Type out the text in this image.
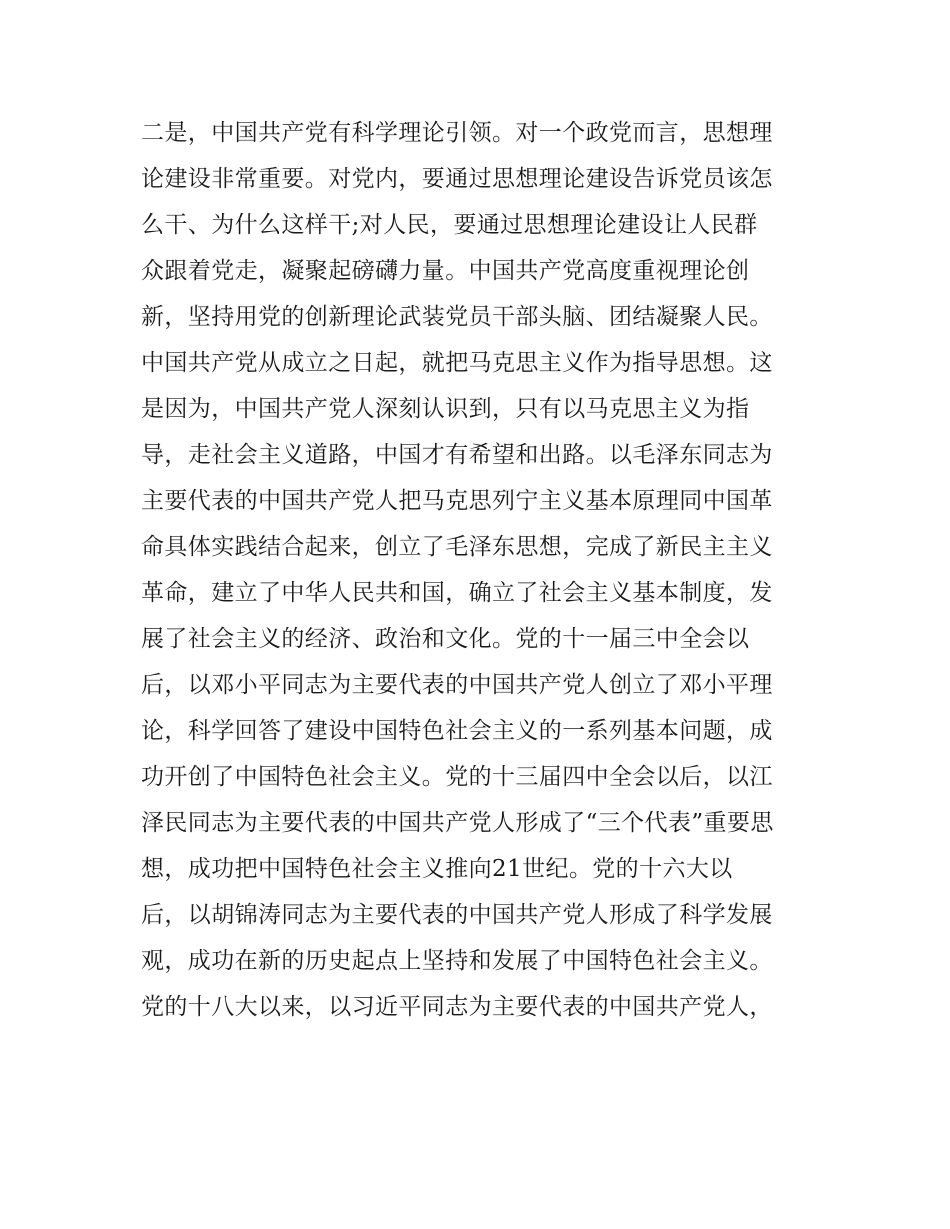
二是，中国共产党有科学理论引领。对一个政党而言，思想理
论建设非常重要。对党内，要通过思想理论建设告诉党员该怎
么干、为什么这样干;对人民，要通过思想理论建设让人民群
众跟着党走，凝聚起磅礴力量。中国共产党高度重视理论创
新，坚持用党的创新理论武装党员干部头脑、团结凝聚人民。
中国共产党从成立之日起，就把马克思主义作为指导思想。这
是因为，中国共产党人深刻认识到，只有以马克思主义为指
导，走社会主义道路，中国才有希望和出路。以毛泽东同志为
主要代表的中国共产党人把马克思列宁主义基本原理同中国革
命具体实践结合起来，创立了毛泽东思想，完成了新民主主义
革命，建立了中华人民共和国，确立了社会主义基本制度，发
展了社会主义的经济、政治和文化。党的十一届三中全会以
后，以邓小平同志为主要代表的中国共产党人创立了邓小平理
论，科学回答了建设中国特色社会主义的一系列基本问题，成
功开创了中国特色社会主义。党的十三届四中全会以后，以江
泽民同志为主要代表的中国共产党人形成了“三个代表”重要思
想，成功把中国特色社会主义推向21世纪。党的十六大以
后，以胡锦涛同志为主要代表的中国共产党人形成了科学发展
观，成功在新的历史起点上坚持和发展了中国特色社会主义。
党的十八大以来，以习近平同志为主要代表的中国共产党人，
